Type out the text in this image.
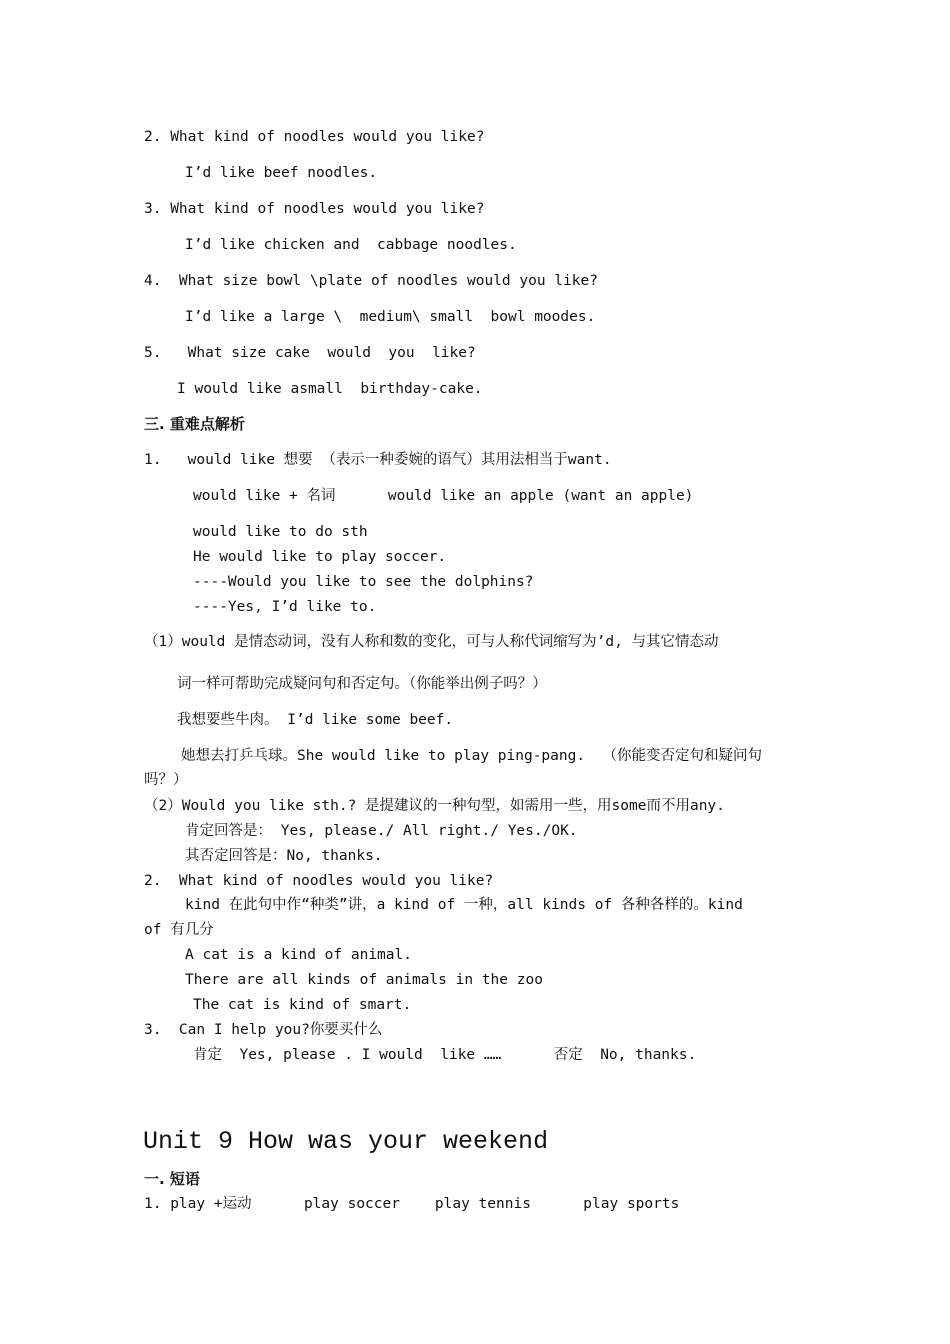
2. What kind of noodles would you like?
I’d like beef noodles.
3. What kind of noodles would you like?
I’d like chicken and  cabbage noodles.
4.  What size bowl \plate of noodles would you like?
I’d like a large \  medium\ small  bowl moodes.
5.   What size cake  would  you  like?
I would like asmall  birthday-cake.
三. 重难点解析
1.   would like 想要 （表示一种委婉的语气）其用法相当于want.
would like + 名词      would like an apple (want an apple)
would like to do sth
He would like to play soccer.
----Would you like to see the dolphins?
----Yes, I’d like to.
（1）would 是情态动词，没有人称和数的变化，可与人称代词缩写为’d, 与其它情态动
词一样可帮助完成疑问句和否定句。（你能举出例子吗？）
我想要些牛肉。 I’d like some beef.
她想去打乒乓球。She would like to play ping-pang.  （你能变否定句和疑问句
吗？）
（2）Would you like sth.? 是提建议的一种句型，如需用一些，用some而不用any.
肯定回答是： Yes, please./ All right./ Yes./OK.
其否定回答是：No, thanks.
2.  What kind of noodles would you like?
kind 在此句中作“种类”讲，a kind of 一种，all kinds of 各种各样的。kind
of 有几分
A cat is a kind of animal.
There are all kinds of animals in the zoo
The cat is kind of smart.
3.  Can I help you?你要买什么
肯定  Yes, please . I would  like ……      否定  No, thanks.
Unit 9 How was your weekend
一. 短语
1. play +运动      play soccer    play tennis      play sports
